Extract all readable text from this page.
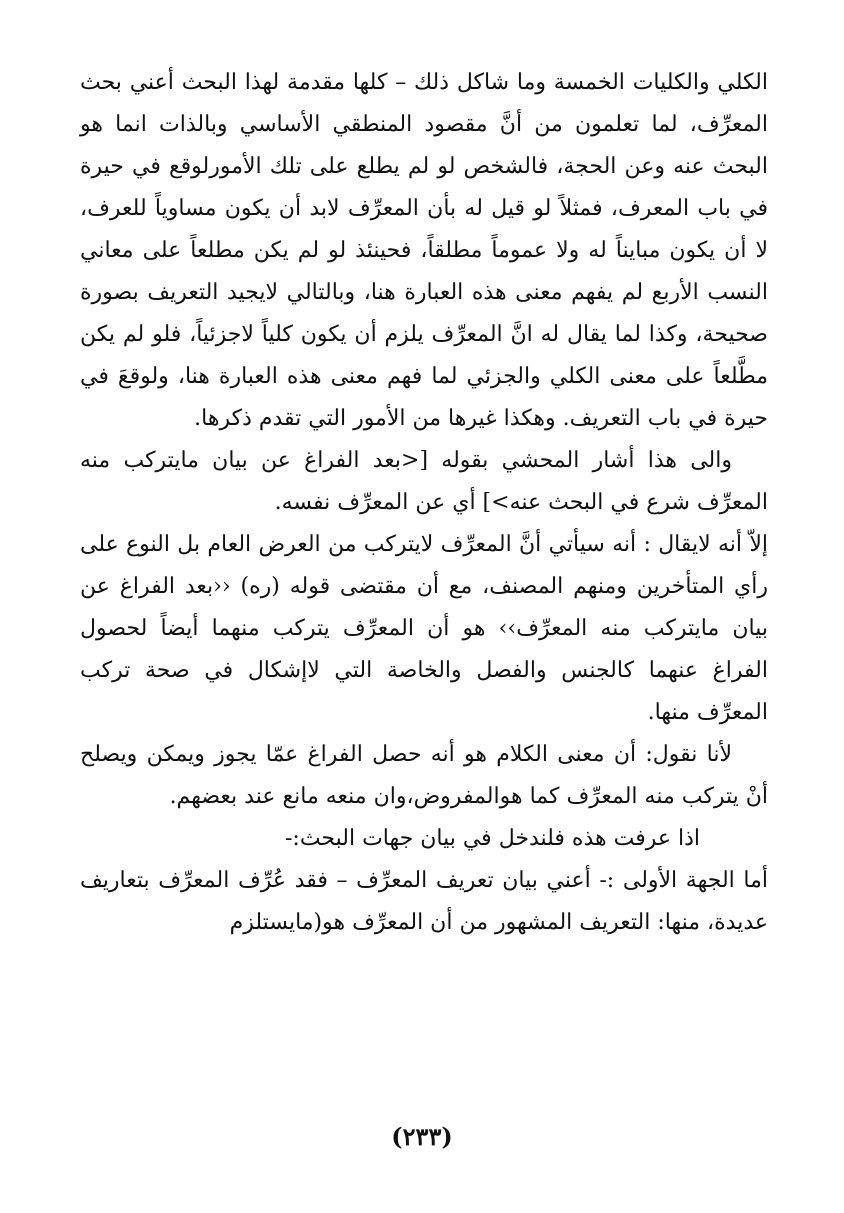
الكلي والكليات الخمسة وما شاكل ذلك – كلها مقدمة لهذا البحث أعني بحث المعرِّف، لما تعلمون من أنَّ مقصود المنطقي الأساسي وبالذات انما هو البحث عنه وعن الحجة، فالشخص لو لم يطلع على تلك الأمورلوقع في حيرة في باب المعرف، فمثلاً لو قيل له بأن المعرِّف لابد أن يكون مساوياً للعرف، لا أن يكون مبايناً له ولا عموماً مطلقاً، فحينئذ لو لم يكن مطلعاً على معاني النسب الأربع لم يفهم معنى هذه العبارة هنا، وبالتالي لايجيد التعريف بصورة صحيحة، وكذا لما يقال له انَّ المعرِّف يلزم أن يكون كلياً لاجزئياً، فلو لم يكن مطَّلعاً على معنى الكلي والجزئي لما فهم معنى هذه العبارة هنا، ولوقعَ في حيرة في باب التعريف. وهكذا غيرها من الأمور التي تقدم ذكرها.

والى هذا أشار المحشي بقوله [<بعد الفراغ عن بيان مايتركب منه المعرِّف شرع في البحث عنه>] أي عن المعرِّف نفسه.

إلاّ أنه لايقال : أنه سيأتي أنَّ المعرِّف لايتركب من العرض العام بل النوع على رأي المتأخرين ومنهم المصنف، مع أن مقتضى قوله (ره) ‹‹بعد الفراغ عن بيان مايتركب منه المعرِّف›› هو أن المعرِّف يتركب منهما أيضاً لحصول الفراغ عنهما كالجنس والفصل والخاصة التي لاإشكال في صحة تركب المعرِّف منها.

لأنا نقول: أن معنى الكلام هو أنه حصل الفراغ عمّا يجوز ويمكن ويصلح أنْ يتركب منه المعرِّف كما هوالمفروض،وان منعه مانع عند بعضهم.

اذا عرفت هذه فلندخل في بيان جهات البحث:-

أما الجهة الأولى :- أعني بيان تعريف المعرِّف – فقد عُرِّف المعرِّف بتعاريف عديدة، منها: التعريف المشهور من أن المعرِّف هو(مايستلزم

(٢٣٣)
